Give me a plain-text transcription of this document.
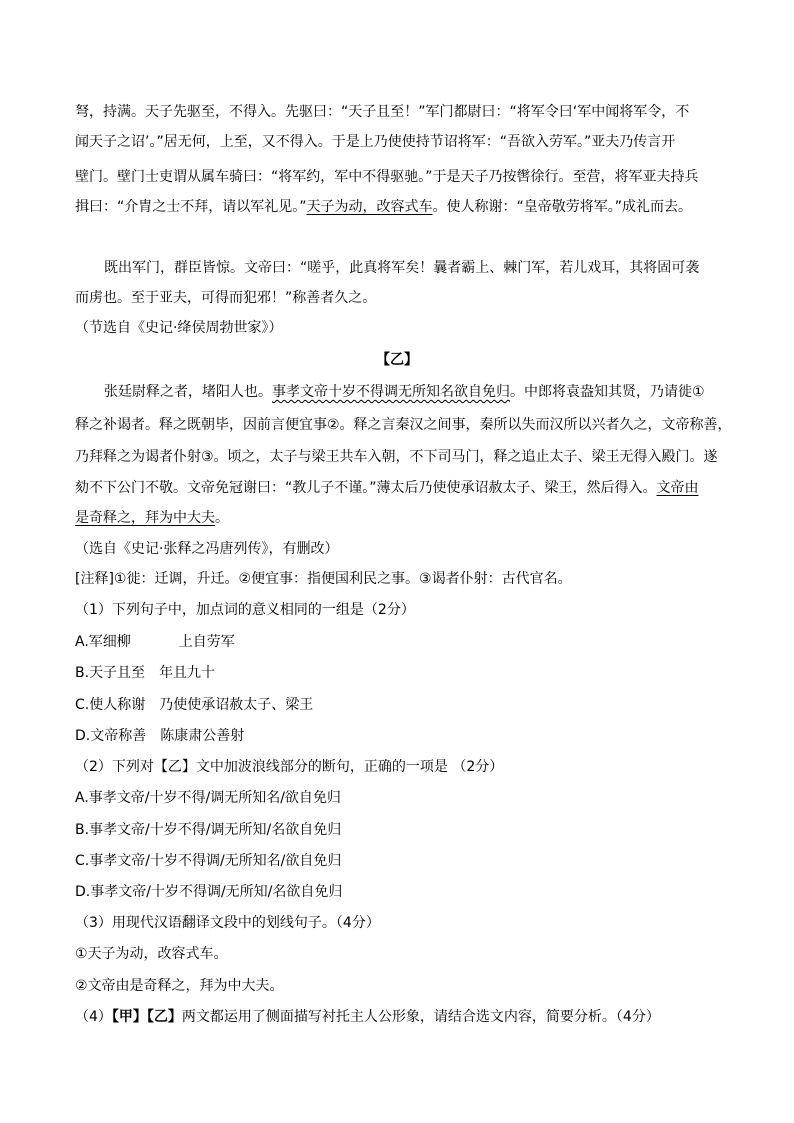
弩，持满。天子先驱至，不得入。先驱曰：“天子且至！”军门都尉曰：“将军令曰‘军中闻将军令，不
闻天子之诏’。”居无何，上至，又不得入。于是上乃使使持节诏将军：“吾欲入劳军。”亚夫乃传言开
壁门。壁门士吏谓从属车骑曰：“将军约，军中不得驱驰。”于是天子乃按辔徐行。至营，将军亚夫持兵
揖曰：“介胄之士不拜，请以军礼见。”天子为动，改容式车。使人称谢：“皇帝敬劳将军。”成礼而去。
既出军门，群臣皆惊。文帝曰：“嗟乎，此真将军矣！曩者霸上、棘门军，若儿戏耳，其将固可袭
而虏也。至于亚夫，可得而犯邪！”称善者久之。
（节选自《史记·绛侯周勃世家》）
【乙】
张廷尉释之者，堵阳人也。事孝文帝十岁不得调无所知名欲自免归。中郎将袁盎知其贤，乃请徙①
释之补谒者。释之既朝毕，因前言便宜事②。释之言秦汉之间事，秦所以失而汉所以兴者久之，文帝称善，
乃拜释之为谒者仆射③。顷之，太子与梁王共车入朝，不下司马门，释之追止太子、梁王无得入殿门。遂
劾不下公门不敬。文帝免冠谢曰：“教儿子不谨。”薄太后乃使使承诏赦太子、梁王，然后得入。文帝由
是奇释之，拜为中大夫。
（选自《史记·张释之冯唐列传》，有删改）
[注释]①徙：迁调，升迁。②便宜事：指便国利民之事。③谒者仆射：古代官名。
（1）下列句子中，加点词的意义相同的一组是（2分）
A.军细柳	上自劳军
B.天子且至 年且九十
C.使人称谢 乃使使承诏赦太子、梁王
D.文帝称善 陈康肃公善射
（2）下列对【乙】文中加波浪线部分的断句，正确的一项是 （2分）
A.事孝文帝/十岁不得/调无所知名/欲自免归
B.事孝文帝/十岁不得/调无所知/名欲自免归
C.事孝文帝/十岁不得调/无所知名/欲自免归
D.事孝文帝/十岁不得调/无所知/名欲自免归
（3）用现代汉语翻译文段中的划线句子。（4分）
①天子为动，改容式车。
②文帝由是奇释之，拜为中大夫。
（4）【甲】【乙】两文都运用了侧面描写衬托主人公形象，请结合选文内容，简要分析。（4分）
